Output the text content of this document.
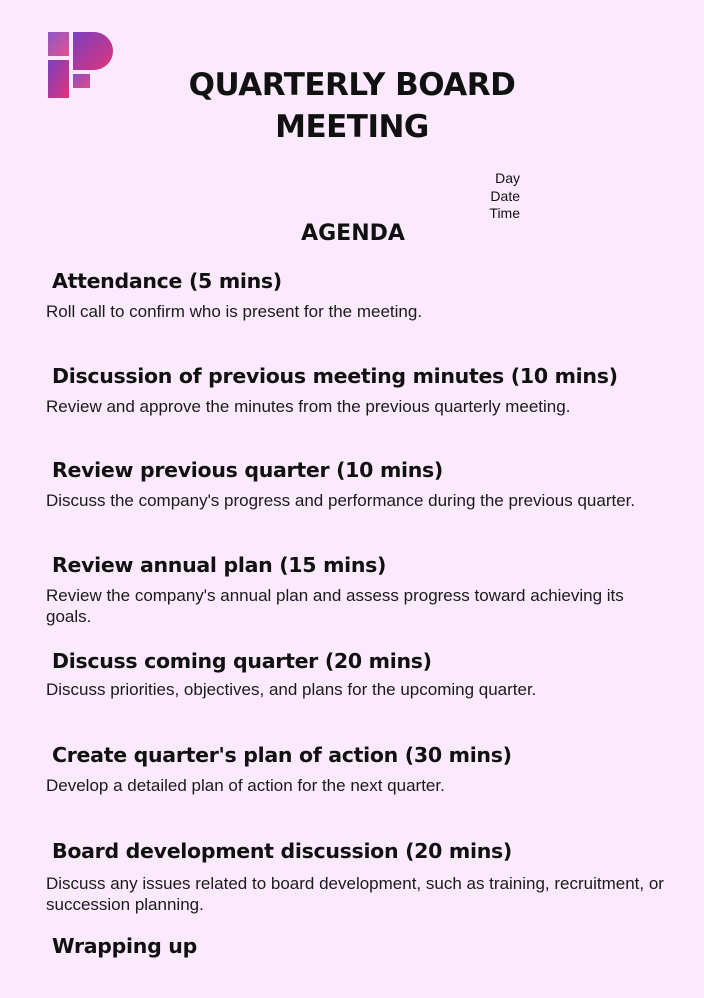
QUARTERLY BOARD MEETING
Day
Date
Time
AGENDA
Attendance (5 mins)

Roll call to confirm who is present for the meeting.

Discussion of previous meeting minutes (10 mins)

Review and approve the minutes from the previous quarterly meeting.

Review previous quarter (10 mins)

Discuss the company's progress and performance during the previous quarter.

Review annual plan (15 mins)

Review the company's annual plan and assess progress toward achieving its goals.

Discuss coming quarter (20 mins)

Discuss priorities, objectives, and plans for the upcoming quarter.

Create quarter's plan of action (30 mins)

Develop a detailed plan of action for the next quarter.

Board development discussion (20 mins)

Discuss any issues related to board development, such as training, recruitment, or succession planning.

Wrapping up
